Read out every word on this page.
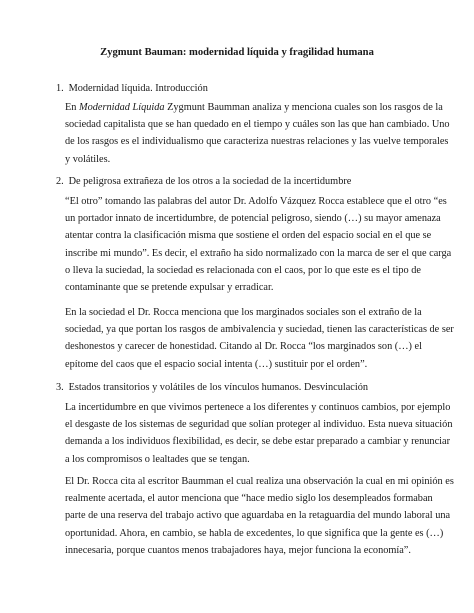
Zygmunt Bauman: modernidad líquida y fragilidad humana
1. Modernidad líquida. Introducción
En Modernidad Líquida Zygmunt Baumman analiza y menciona cuales son los rasgos de la
sociedad capitalista que se han quedado en el tiempo y cuáles son las que han cambiado. Uno
de los rasgos es el individualismo que caracteriza nuestras relaciones y las vuelve temporales
y volátiles.
2. De peligrosa extrañeza de los otros a la sociedad de la incertidumbre
“El otro” tomando las palabras del autor Dr. Adolfo Vázquez Rocca establece que el otro “es
un portador innato de incertidumbre, de potencial peligroso, siendo (…) su mayor amenaza
atentar contra la clasificación misma que sostiene el orden del espacio social en el que se
inscribe mi mundo”. Es decir, el extraño ha sido normalizado con la marca de ser el que carga
o lleva la suciedad, la sociedad es relacionada con el caos, por lo que este es el tipo de
contaminante que se pretende expulsar y erradicar.
En la sociedad el Dr. Rocca menciona que los marginados sociales son el extraño de la
sociedad, ya que portan los rasgos de ambivalencia y suciedad, tienen las características de ser
deshonestos y carecer de honestidad. Citando al Dr. Rocca “los marginados son (…) el
epítome del caos que el espacio social intenta (…) sustituir por el orden”.
3. Estados transitorios y volátiles de los vínculos humanos. Desvinculación
La incertidumbre en que vivimos pertenece a los diferentes y continuos cambios, por ejemplo
el desgaste de los sistemas de seguridad que solían proteger al individuo. Esta nueva situación
demanda a los individuos flexibilidad, es decir, se debe estar preparado a cambiar y renunciar
a los compromisos o lealtades que se tengan.
El Dr. Rocca cita al escritor Baumman el cual realiza una observación la cual en mi opinión es
realmente acertada, el autor menciona que “hace medio siglo los desempleados formaban
parte de una reserva del trabajo activo que aguardaba en la retaguardia del mundo laboral una
oportunidad. Ahora, en cambio, se habla de excedentes, lo que significa que la gente es (…)
innecesaria, porque cuantos menos trabajadores haya, mejor funciona la economía”.
